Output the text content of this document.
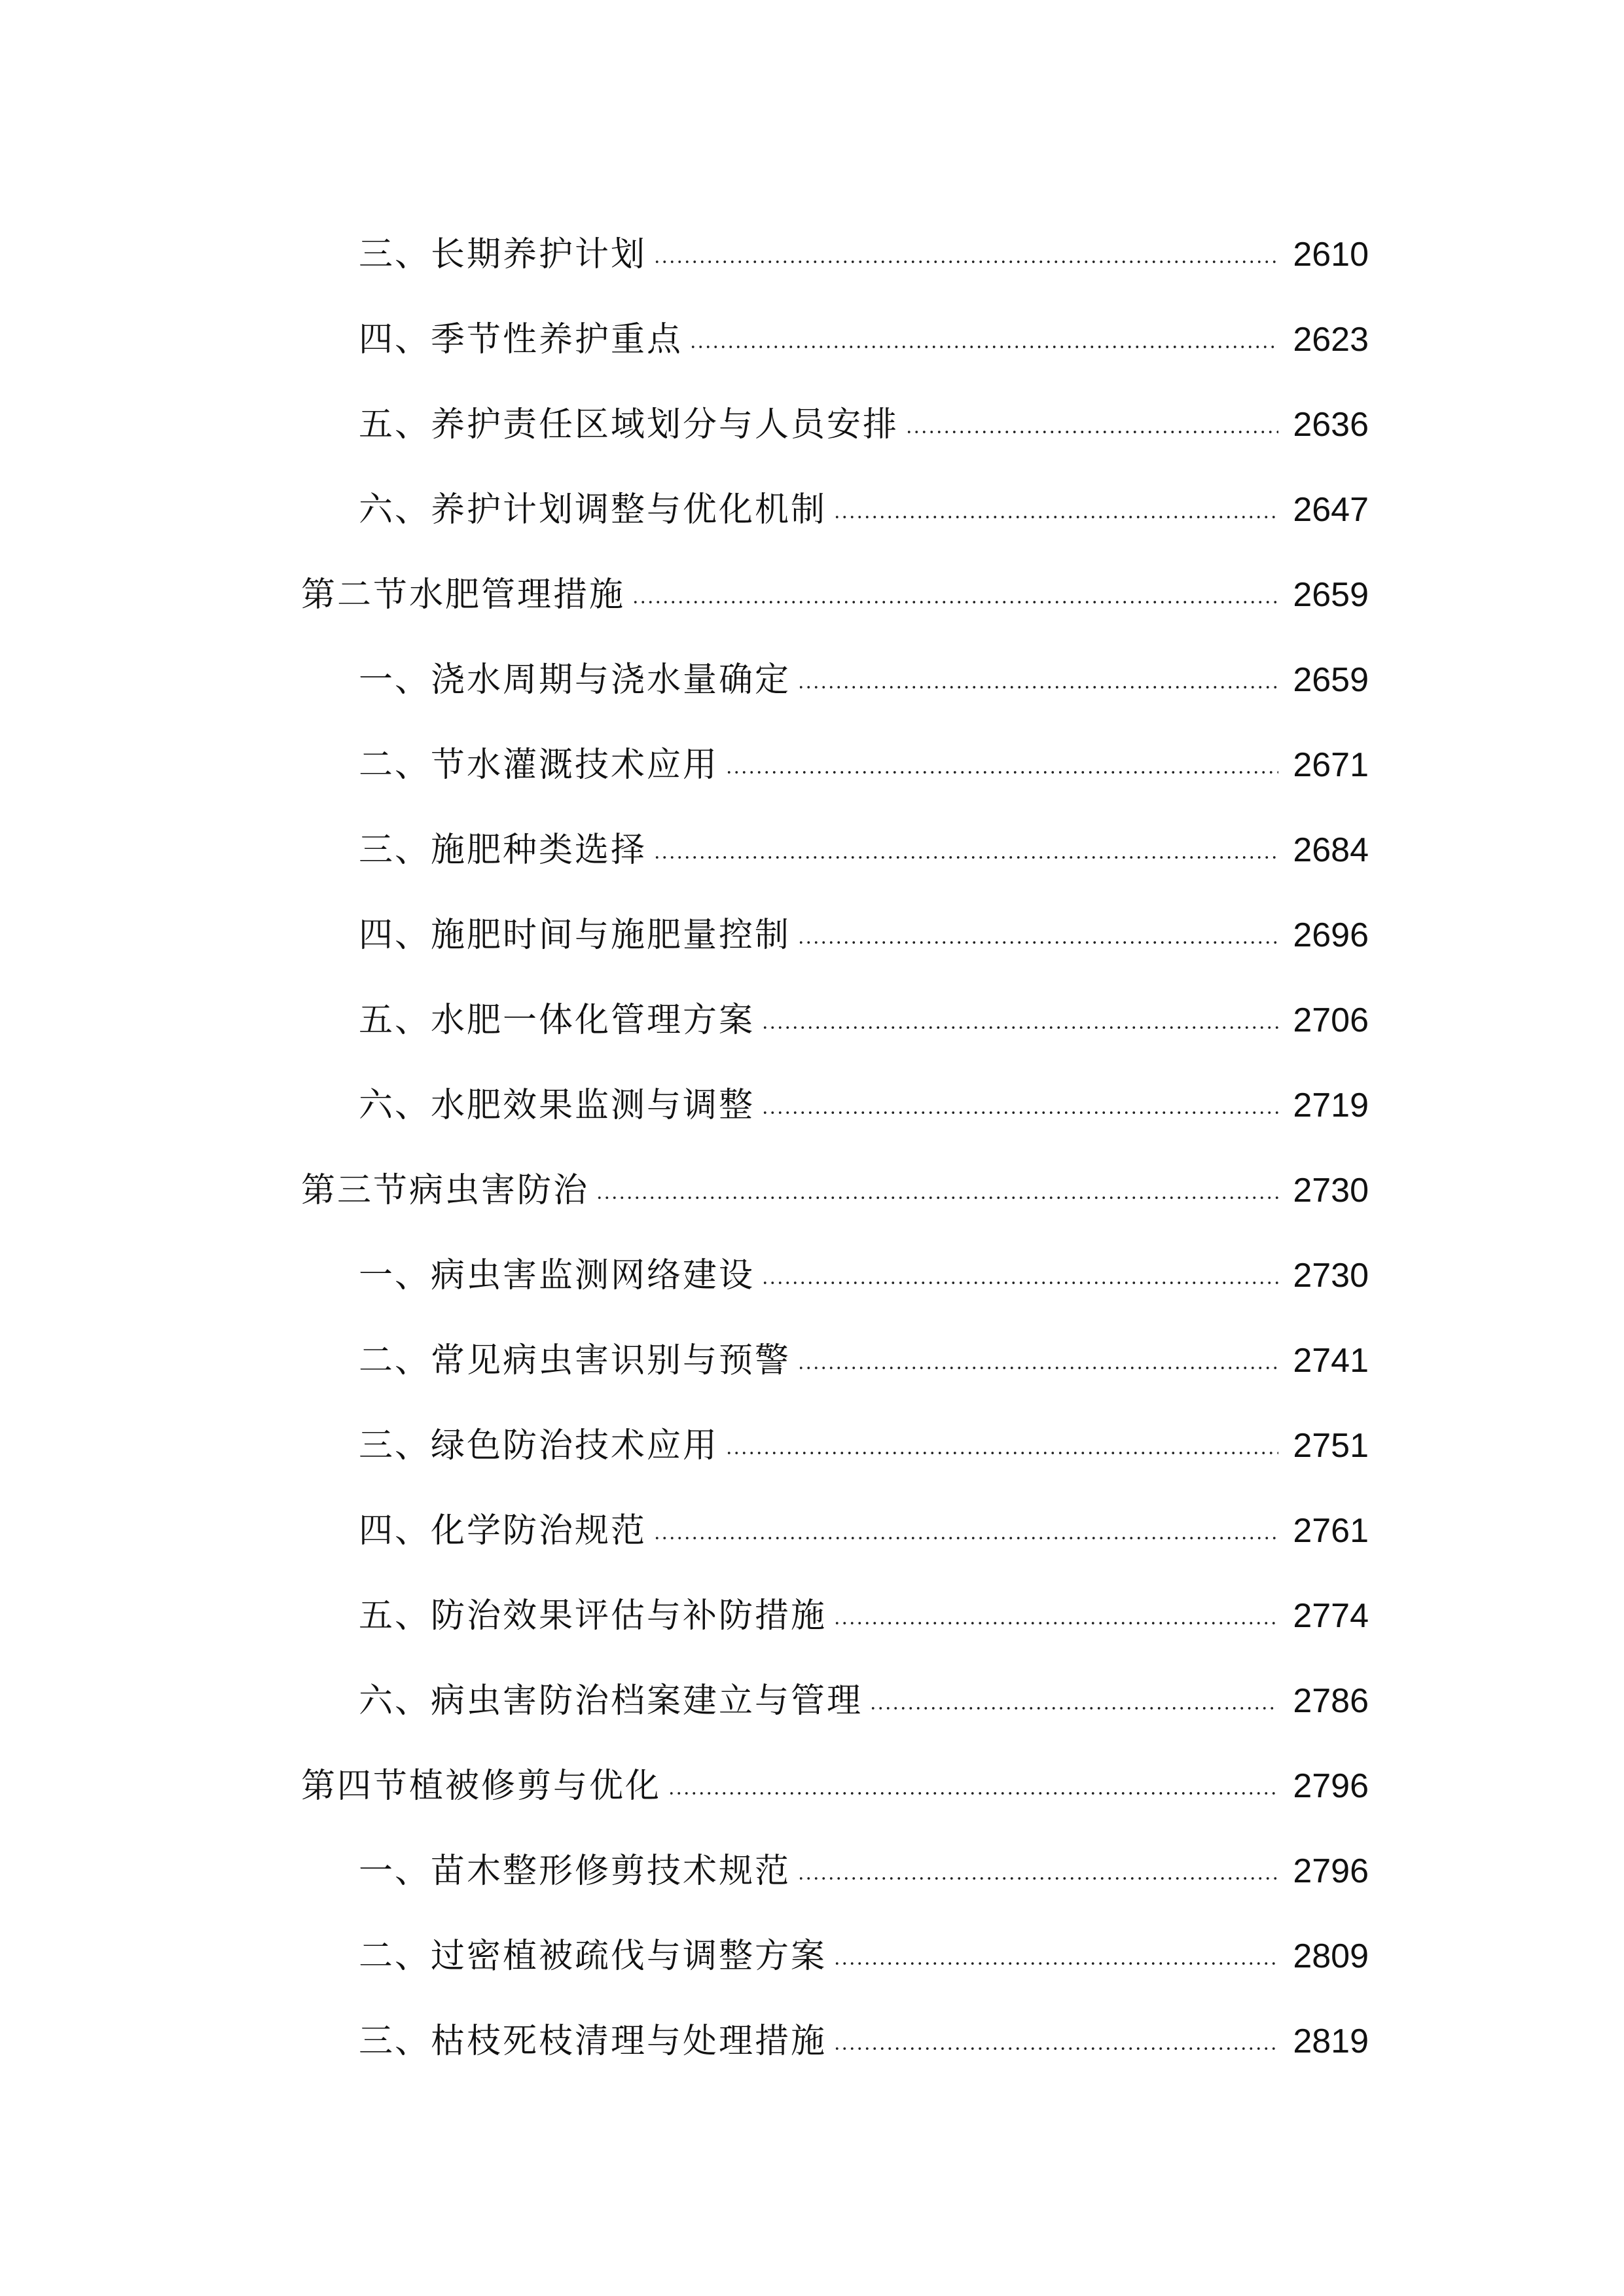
三、长期养护计划	2610
四、季节性养护重点	2623
五、养护责任区域划分与人员安排	2636
六、养护计划调整与优化机制	2647
第二节水肥管理措施	2659
一、浇水周期与浇水量确定	2659
二、节水灌溉技术应用	2671
三、施肥种类选择	2684
四、施肥时间与施肥量控制	2696
五、水肥一体化管理方案	2706
六、水肥效果监测与调整	2719
第三节病虫害防治	2730
一、病虫害监测网络建设	2730
二、常见病虫害识别与预警	2741
三、绿色防治技术应用	2751
四、化学防治规范	2761
五、防治效果评估与补防措施	2774
六、病虫害防治档案建立与管理	2786
第四节植被修剪与优化	2796
一、苗木整形修剪技术规范	2796
二、过密植被疏伐与调整方案	2809
三、枯枝死枝清理与处理措施	2819
